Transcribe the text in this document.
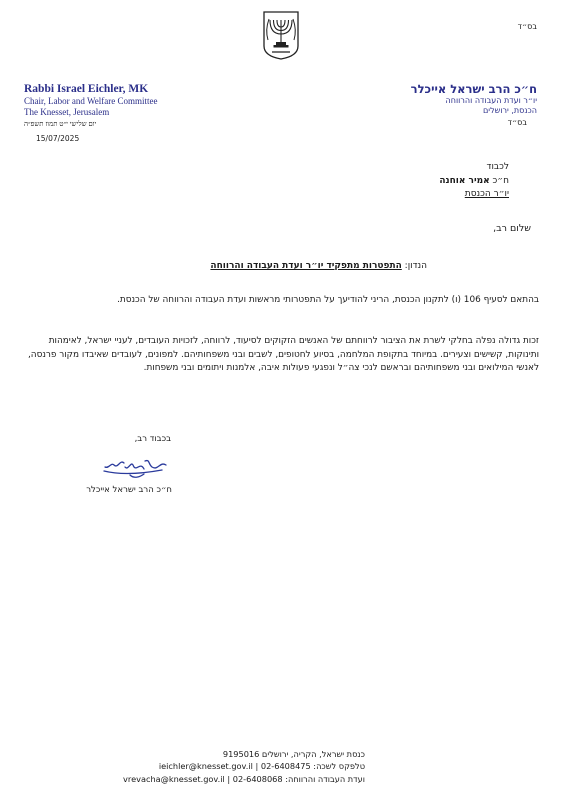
בס״ד
Rabbi Israel Eichler, MK
Chair, Labor and Welfare Committee
The Knesset, Jerusalem
יום שלישי י״ט תמוז תשפ״ה
15/07/2025
ח״כ הרב ישראל אייכלר
יו״ר ועדת העבודה והרווחה
הכנסת, ירושלים
בס״ד
לכבוד
ח״כ אמיר אוחנה
יו״ר הכנסת
שלום רב,
הנדון: התפטרות מתפקיד יו״ר ועדת העבודה והרווחה
בהתאם לסעיף 106 (ו) לתקנון הכנסת, הריני להודיעך על התפטרותי מראשות ועדת העבודה והרווחה של הכנסת.
זכות גדולה נפלה בחלקי לשרת את הציבור לרווחתם של האנשים הזקוקים לסיעוד, לרווחה, לזכויות העובדים, לעניי ישראל, לאימהות ותינוקות, קשישים וצעירים. במיוחד בתקופת המלחמה, בסיוע לחטופים, לשבים ובני משפחותיהם. למפונים, לעובדים שאיבדו מקור פרנסה, לאנשי המילואים ובני משפחותיהם ובראשם לנכי צה״ל ונפגעי פעולות איבה, אלמנות ויתומים ובני משפחות.
בכבוד רב,
ח״כ הרב ישראל אייכלר
כנסת ישראל, הקריה, ירושלים 9195016
טלפקס לשכה: 02-6408475 | ieichler@knesset.gov.il
ועדת העבודה והרווחה: 02-6408068 | vrevacha@knesset.gov.il
